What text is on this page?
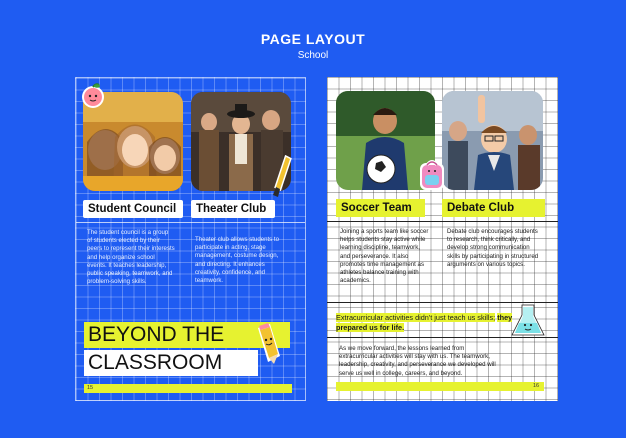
PAGE LAYOUT
School
Student Council	Theater Club
The student council is a group of students elected by their peers to represent their interests and help organize school events. It teaches leadership, public speaking, teamwork, and problem-solving skills.
Theater club allows students to participate in acting, stage management, costume design, and directing. It enhances creativity, confidence, and teamwork.
BEYOND THE
CLASSROOM
15
Soccer Team	Debate Club
Joining a sports team like soccer helps students stay active while learning discipline, teamwork, and perseverance. It also promotes time management as athletes balance training with academics.
Debate club encourages students to research, think critically, and develop strong communication skills by participating in structured arguments on various topics.
Extracurricular activities didn't just teach us skills; they prepared us for life.
As we move forward, the lessons learned from extracurricular activities will stay with us. The teamwork, leadership, creativity, and perseverance we developed will serve us well in college, careers, and beyond.
16
